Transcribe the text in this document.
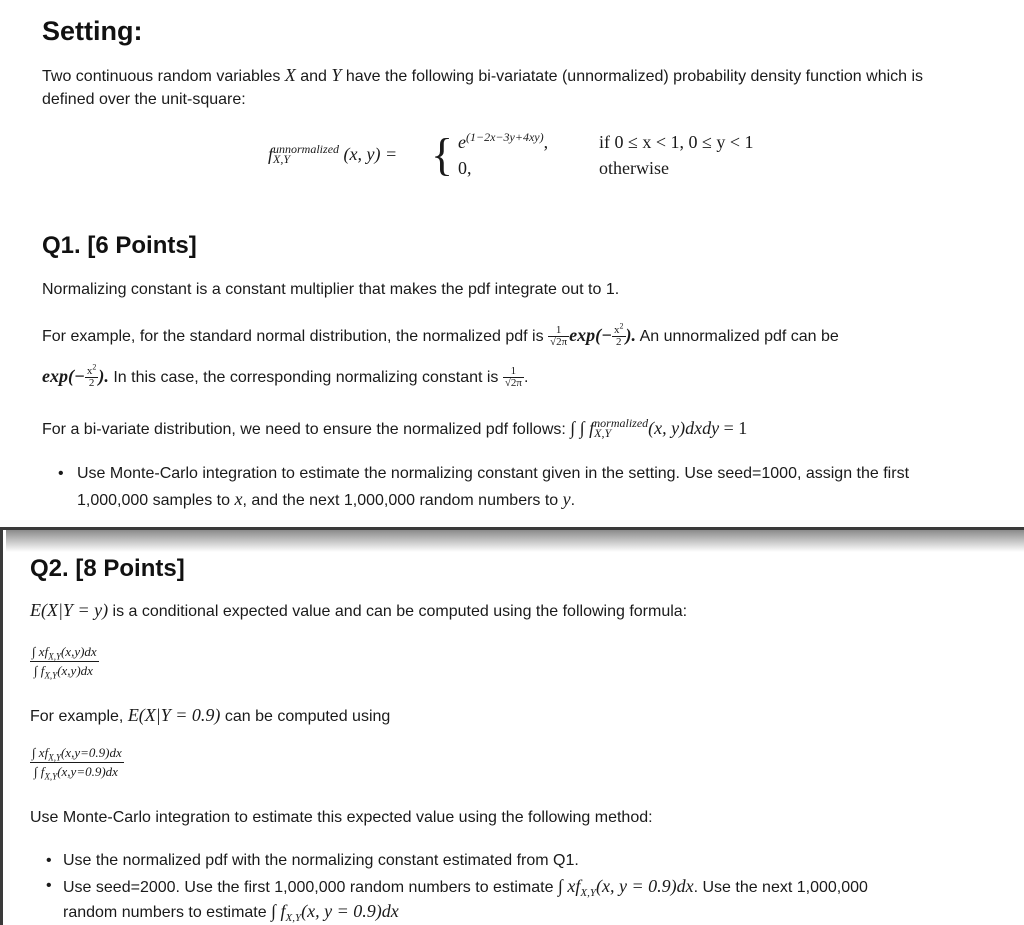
Setting:

Two continuous random variables X and Y have the following bi-variatate (unnormalized) probability density function which is

defined over the unit-square:

f unnormalized
X,Y	(x, y) = { $e^{(1-2x-3y+4xy)}$,	if 0 ≤ x < 1, 0 ≤ y < 1
0,	otherwise
Q1. [6 Points]

Normalizing constant is a constant multiplier that makes the pdf integrate out to 1.

For example, for the standard normal distribution, the normalized pdf is $\frac{1}{√2\pi} \exp(- \frac{x^2}{2}$ ). An unnormalized pdf can be

$\exp(- \frac{x^2}{2}$ ). In this case, the corresponding normalizing constant is $\frac{1}{√2\pi}$ .

For a bi-variate distribution, we need to ensure the normalized pdf follows: ∫ ∫ f normalized
X,Y	(x, y)dxdy = 1

• Use Monte-Carlo integration to estimate the normalizing constant given in the setting. Use seed=1000, assign the first

1,000,000 samples to x, and the next 1,000,000 random numbers to y.

Q2. [8 Points]

E(X|Y = y) is a conditional expected value and can be computed using the following formula:

∫ $xf_{X,Y}(x,y)dx$
∫ $f_{X,Y}(x,y)dx$

For example, E(X|Y = 0.9) can be computed using

∫ $xf_{X,Y}(x,y=0.9)dx$
∫ $f_{X,Y}(x,y=0.9)dx$

Use Monte-Carlo integration to estimate this expected value using the following method:

• Use the normalized pdf with the normalizing constant estimated from Q1.

• Use seed=2000. Use the first 1,000,000 random numbers to estimate ∫ $xf_{X,Y}(x$, y = 0.9)dx. Use the next 1,000,000

random numbers to estimate ∫ $f_{X,Y}(x$, y = 0.9)dx
